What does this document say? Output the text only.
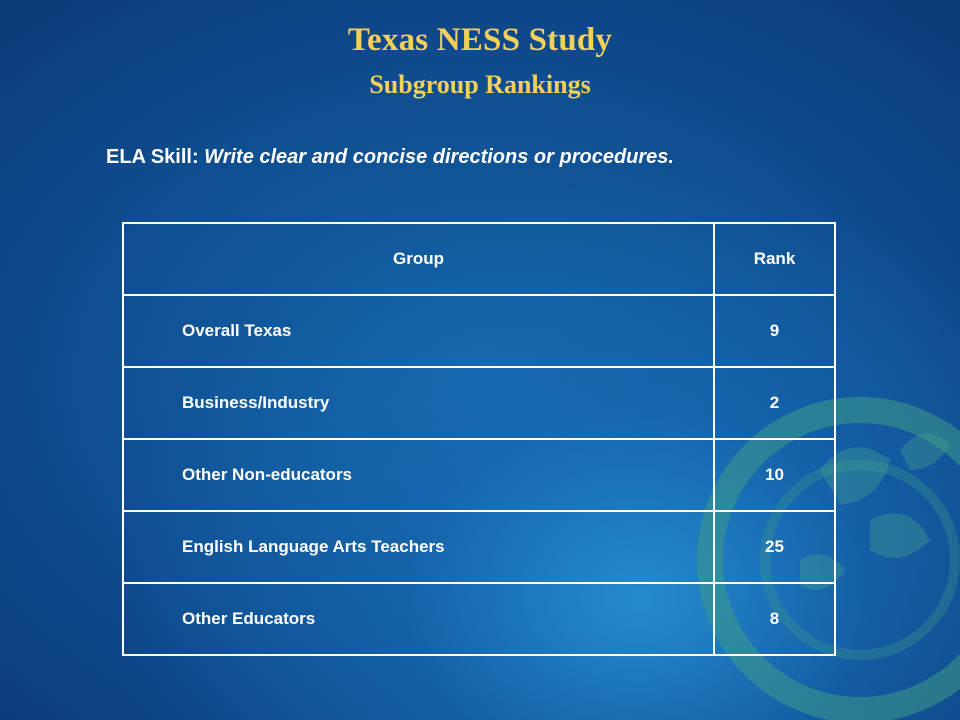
Texas NESS Study
Subgroup Rankings
ELA Skill: Write clear and concise directions or procedures.
Group	Rank
Overall Texas	9
Business/Industry	2
Other Non-educators	10
English Language Arts Teachers	25
Other Educators	8
